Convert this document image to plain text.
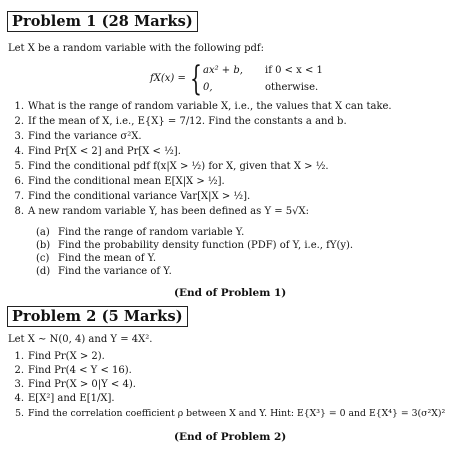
Problem 1 (28 Marks)
Let X be a random variable with the following pdf:
fX(x) = { ax² + b, if 0 < x < 1
0,	otherwise.
1. What is the range of random variable X, i.e., the values that X can take.
2. If the mean of X, i.e., E{X} = 7/12. Find the constants a and b.
3. Find the variance σ²X.
4. Find Pr[X < 2] and Pr[X < ½].
5. Find the conditional pdf f(x|X > ½) for X, given that X > ½.
6. Find the conditional mean E[X|X > ½].
7. Find the conditional variance Var[X|X > ½].
8. A new random variable Y, has been defined as Y = 5√X:
(a) Find the range of random variable Y.
(b) Find the probability density function (PDF) of Y, i.e., fY(y).
(c) Find the mean of Y.
(d) Find the variance of Y.
(End of Problem 1)
Problem 2 (5 Marks)
Let X ∼ N(0, 4) and Y = 4X².
1. Find Pr(X > 2).
2. Find Pr(4 < Y < 16).
3. Find Pr(X > 0|Y < 4).
4. E[X²] and E[1/X].
5. Find the correlation coefficient ρ between X and Y. Hint: E{X³} = 0 and E{X⁴} = 3(σ²X)²
(End of Problem 2)
